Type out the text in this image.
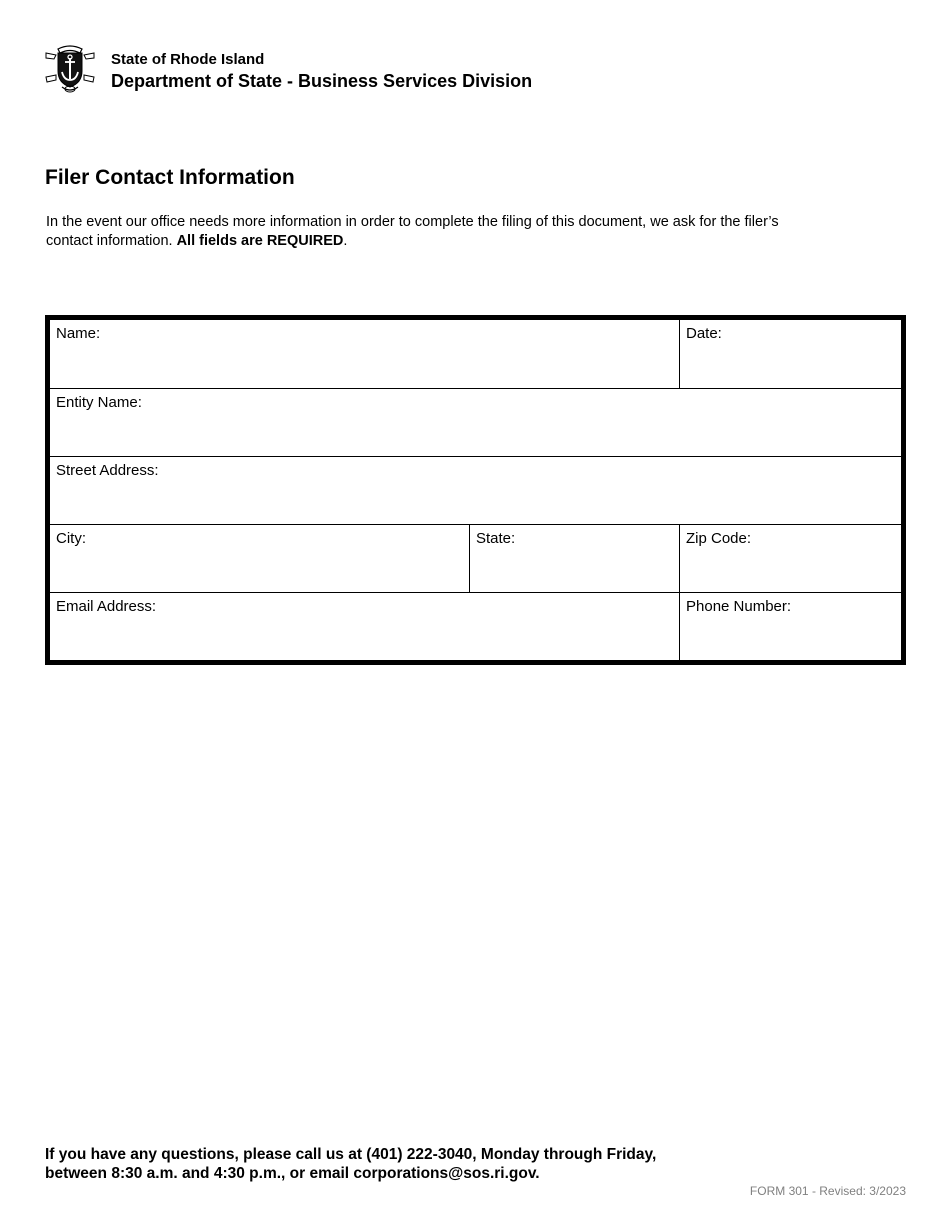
State of Rhode Island
Department of State - Business Services Division
Filer Contact Information

In the event our office needs more information in order to complete the filing of this document, we ask for the filer’s contact information. All fields are REQUIRED.

Name:	Date:
Entity Name:
Street Address:
City:	State:	Zip Code:
Email Address:	Phone Number:

If you have any questions, please call us at (401) 222-3040, Monday through Friday,
between 8:30 a.m. and 4:30 p.m., or email corporations@sos.ri.gov.

FORM 301 - Revised: 3/2023
